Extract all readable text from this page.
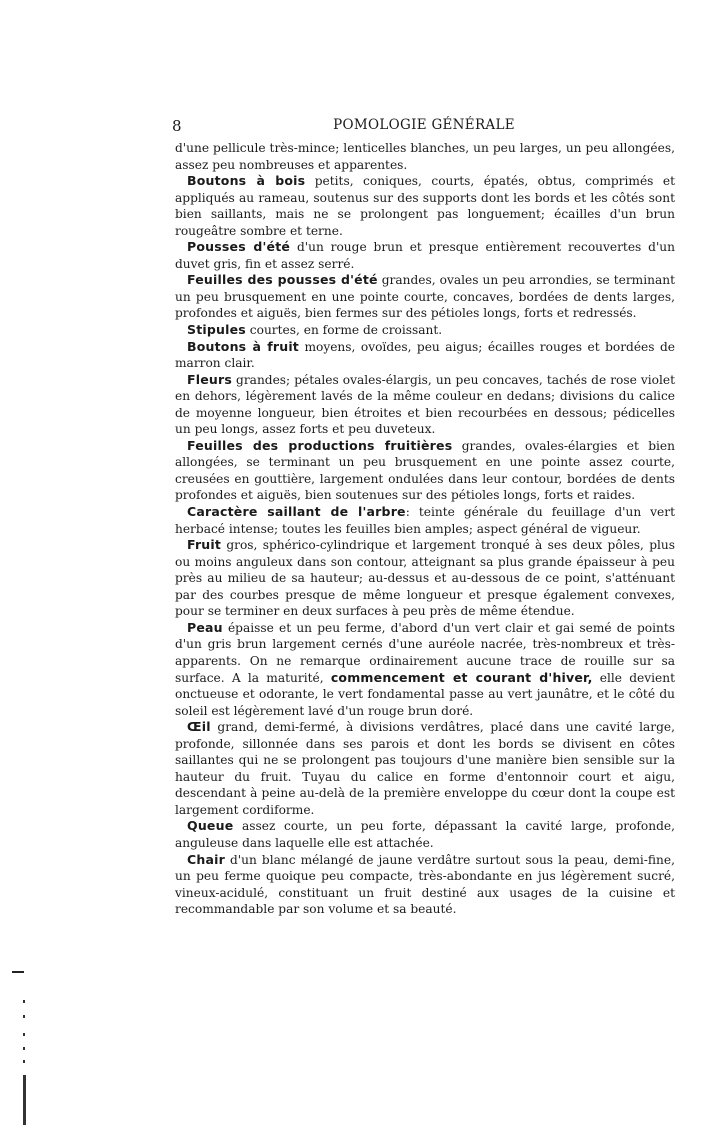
8	POMOLOGIE GÉNÉRALE

d'une pellicule très-mince; lenticelles blanches, un peu larges, un peu allongées, assez peu nombreuses et apparentes.

Boutons à bois petits, coniques, courts, épatés, obtus, comprimés et appliqués au rameau, soutenus sur des supports dont les bords et les côtés sont bien saillants, mais ne se prolongent pas longuement; écailles d'un brun rougeâtre sombre et terne.

Pousses d'été d'un rouge brun et presque entièrement recouvertes d'un duvet gris, fin et assez serré.

Feuilles des pousses d'été grandes, ovales un peu arrondies, se terminant un peu brusquement en une pointe courte, concaves, bordées de dents larges, profondes et aiguës, bien fermes sur des pétioles longs, forts et redressés.

Stipules courtes, en forme de croissant.

Boutons à fruit moyens, ovoïdes, peu aigus; écailles rouges et bordées de marron clair.

Fleurs grandes; pétales ovales-élargis, un peu concaves, tachés de rose violet en dehors, légèrement lavés de la même couleur en dedans; divisions du calice de moyenne longueur, bien étroites et bien recourbées en dessous; pédicelles un peu longs, assez forts et peu duveteux.

Feuilles des productions fruitières grandes, ovales-élargies et bien allongées, se terminant un peu brusquement en une pointe assez courte, creusées en gouttière, largement ondulées dans leur contour, bordées de dents profondes et aiguës, bien soutenues sur des pétioles longs, forts et raides.

Caractère saillant de l'arbre: teinte générale du feuillage d'un vert herbacé intense; toutes les feuilles bien amples; aspect général de vigueur.

Fruit gros, sphérico-cylindrique et largement tronqué à ses deux pôles, plus ou moins anguleux dans son contour, atteignant sa plus grande épaisseur à peu près au milieu de sa hauteur; au-dessus et au-dessous de ce point, s'atténuant par des courbes presque de même longueur et presque également convexes, pour se terminer en deux surfaces à peu près de même étendue.

Peau épaisse et un peu ferme, d'abord d'un vert clair et gai semé de points d'un gris brun largement cernés d'une auréole nacrée, très-nombreux et très-apparents. On ne remarque ordinairement aucune trace de rouille sur sa surface. A la maturité, commencement et courant d'hiver, elle devient onctueuse et odorante, le vert fondamental passe au vert jaunâtre, et le côté du soleil est légèrement lavé d'un rouge brun doré.

Œil grand, demi-fermé, à divisions verdâtres, placé dans une cavité large, profonde, sillonnée dans ses parois et dont les bords se divisent en côtes saillantes qui ne se prolongent pas toujours d'une manière bien sensible sur la hauteur du fruit. Tuyau du calice en forme d'entonnoir court et aigu, descendant à peine au-delà de la première enveloppe du cœur dont la coupe est largement cordiforme.

Queue assez courte, un peu forte, dépassant la cavité large, profonde, anguleuse dans laquelle elle est attachée.

Chair d'un blanc mélangé de jaune verdâtre surtout sous la peau, demi-fine, un peu ferme quoique peu compacte, très-abondante en jus légèrement sucré, vineux-acidulé, constituant un fruit destiné aux usages de la cuisine et recommandable par son volume et sa beauté.
